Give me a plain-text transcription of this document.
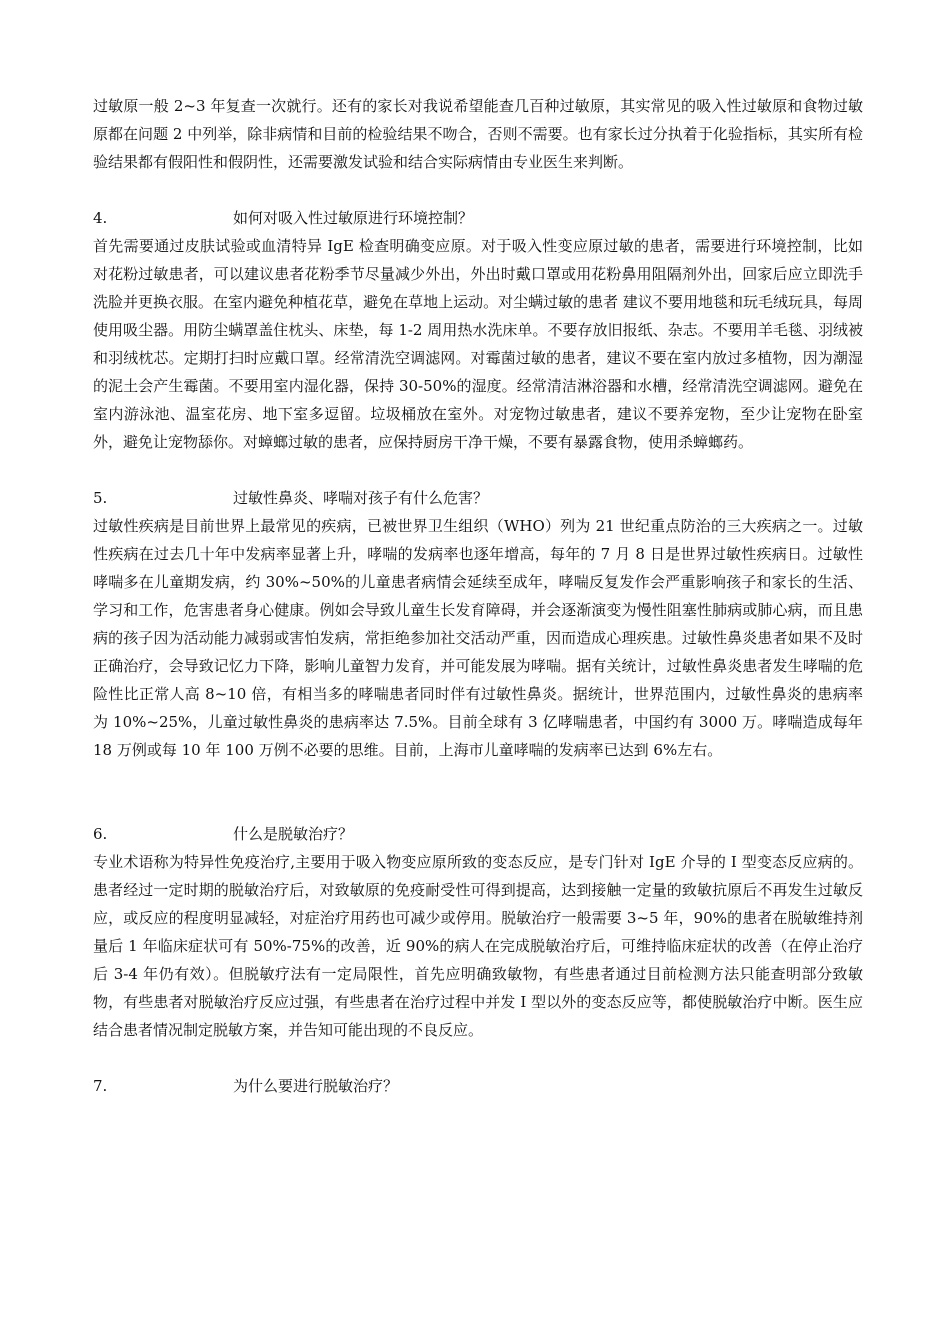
过敏原一般 2~3 年复查一次就行。还有的家长对我说希望能查几百种过敏原，其实常见的吸入性过敏原和食物过敏原都在问题 2 中列举，除非病情和目前的检验结果不吻合，否则不需要。也有家长过分执着于化验指标，其实所有检验结果都有假阳性和假阴性，还需要激发试验和结合实际病情由专业医生来判断。

4.	如何对吸入性过敏原进行环境控制？

首先需要通过皮肤试验或血清特异 IgE 检查明确变应原。对于吸入性变应原过敏的患者，需要进行环境控制，比如对花粉过敏患者，可以建议患者花粉季节尽量减少外出，外出时戴口罩或用花粉鼻用阻隔剂外出，回家后应立即洗手洗脸并更换衣服。在室内避免种植花草，避免在草地上运动。对尘螨过敏的患者 建议不要用地毯和玩毛绒玩具，每周使用吸尘器。用防尘螨罩盖住枕头、床垫，每 1-2 周用热水洗床单。不要存放旧报纸、杂志。不要用羊毛毯、羽绒被和羽绒枕芯。定期打扫时应戴口罩。经常清洗空调滤网。对霉菌过敏的患者，建议不要在室内放过多植物，因为潮湿的泥土会产生霉菌。不要用室内湿化器，保持 30-50%的湿度。经常清洁淋浴器和水槽，经常清洗空调滤网。避免在室内游泳池、温室花房、地下室多逗留。垃圾桶放在室外。对宠物过敏患者，建议不要养宠物，至少让宠物在卧室外，避免让宠物舔你。对蟑螂过敏的患者，应保持厨房干净干燥，不要有暴露食物，使用杀蟑螂药。

5.	过敏性鼻炎、哮喘对孩子有什么危害？

过敏性疾病是目前世界上最常见的疾病，已被世界卫生组织（WHO）列为 21 世纪重点防治的三大疾病之一。过敏性疾病在过去几十年中发病率显著上升，哮喘的发病率也逐年增高，每年的 7 月 8 日是世界过敏性疾病日。过敏性哮喘多在儿童期发病，约 30%~50%的儿童患者病情会延续至成年，哮喘反复发作会严重影响孩子和家长的生活、学习和工作，危害患者身心健康。例如会导致儿童生长发育障碍，并会逐渐演变为慢性阻塞性肺病或肺心病，而且患病的孩子因为活动能力减弱或害怕发病，常拒绝参加社交活动严重，因而造成心理疾患。过敏性鼻炎患者如果不及时正确治疗，会导致记忆力下降，影响儿童智力发育，并可能发展为哮喘。据有关统计，过敏性鼻炎患者发生哮喘的危险性比正常人高 8~10 倍，有相当多的哮喘患者同时伴有过敏性鼻炎。据统计，世界范围内，过敏性鼻炎的患病率为 10%~25%，儿童过敏性鼻炎的患病率达 7.5%。目前全球有 3 亿哮喘患者，中国约有 3000 万。哮喘造成每年 18 万例或每 10 年 100 万例不必要的思维。目前，上海市儿童哮喘的发病率已达到 6%左右。

6.	什么是脱敏治疗？

专业术语称为特异性免疫治疗,主要用于吸入物变应原所致的变态反应，是专门针对 IgE 介导的 I 型变态反应病的。患者经过一定时期的脱敏治疗后，对致敏原的免疫耐受性可得到提高，达到接触一定量的致敏抗原后不再发生过敏反应，或反应的程度明显减轻，对症治疗用药也可减少或停用。脱敏治疗一般需要 3~5 年，90%的患者在脱敏维持剂量后 1 年临床症状可有 50%-75%的改善，近 90%的病人在完成脱敏治疗后，可维持临床症状的改善（在停止治疗后 3-4 年仍有效）。但脱敏疗法有一定局限性，首先应明确致敏物，有些患者通过目前检测方法只能查明部分致敏物，有些患者对脱敏治疗反应过强，有些患者在治疗过程中并发 I 型以外的变态反应等，都使脱敏治疗中断。医生应结合患者情况制定脱敏方案，并告知可能出现的不良反应。

7.	为什么要进行脱敏治疗？
